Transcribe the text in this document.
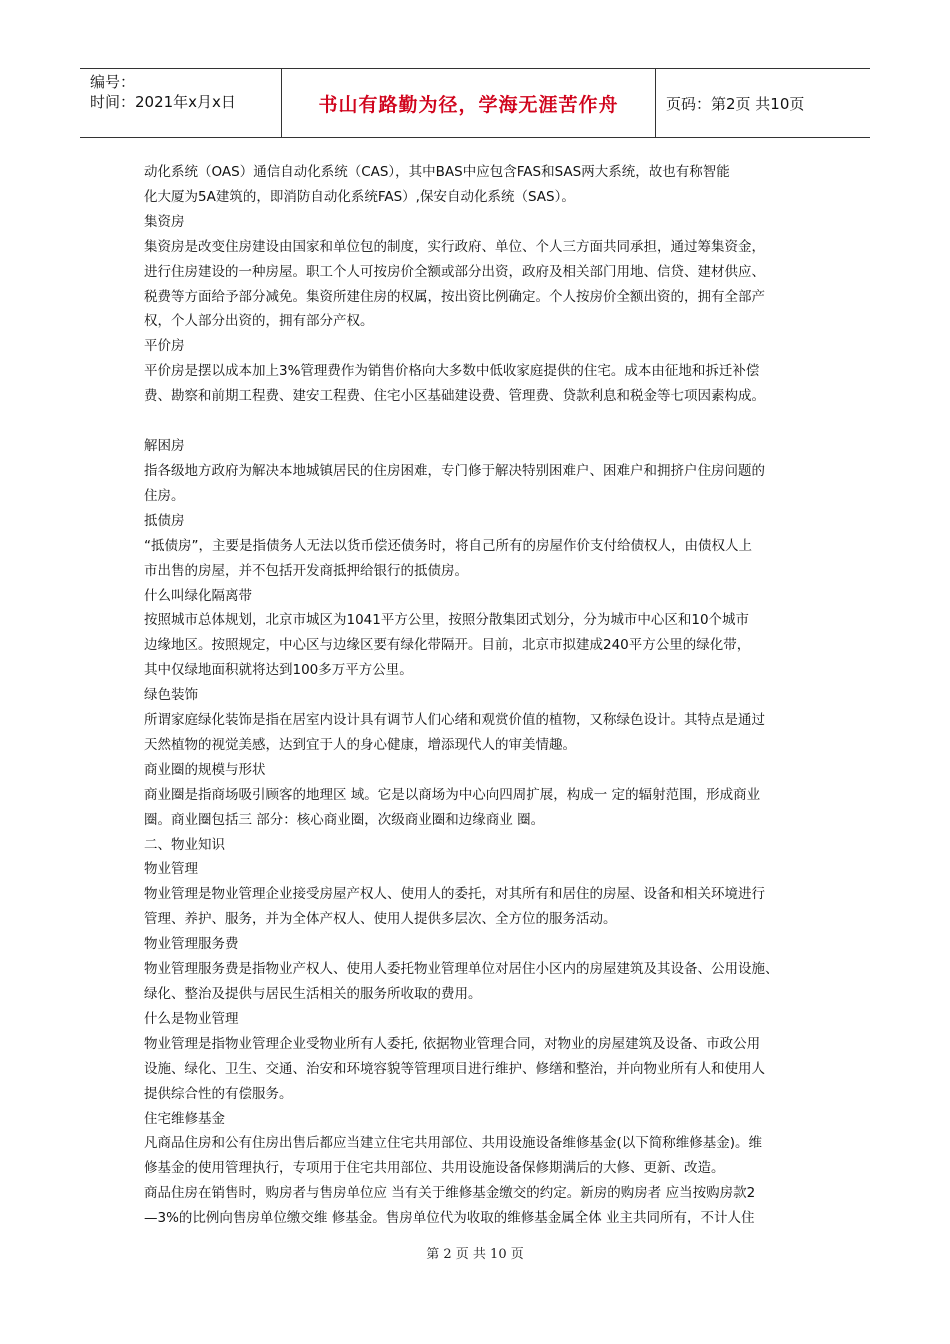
编号：
时间：2021年x月x日	书山有路勤为径，学海无涯苦作舟	页码：第2页 共10页

动化系统（OAS）通信自动化系统（CAS），其中BAS中应包含FAS和SAS两大系统，故也有称智能

化大厦为5A建筑的，即消防自动化系统FAS）,保安自动化系统（SAS）。

集资房

集资房是改变住房建设由国家和单位包的制度，实行政府、单位、个人三方面共同承担，通过筹集资金，

进行住房建设的一种房屋。职工个人可按房价全额或部分出资，政府及相关部门用地、信贷、建材供应、

税费等方面给予部分减免。集资所建住房的权属，按出资比例确定。个人按房价全额出资的，拥有全部产

权，个人部分出资的，拥有部分产权。

平价房

平价房是摆以成本加上3%管理费作为销售价格向大多数中低收家庭提供的住宅。成本由征地和拆迁补偿

费、勘察和前期工程费、建安工程费、住宅小区基础建设费、管理费、贷款利息和税金等七项因素构成。

解困房

指各级地方政府为解决本地城镇居民的住房困难，专门修于解决特别困难户、困难户和拥挤户住房问题的

住房。

抵债房

“抵债房”，主要是指债务人无法以货币偿还债务时，将自己所有的房屋作价支付给债权人，由债权人上

市出售的房屋，并不包括开发商抵押给银行的抵债房。

什么叫绿化隔离带

按照城市总体规划，北京市城区为1041平方公里，按照分散集团式划分，分为城市中心区和10个城市

边缘地区。按照规定，中心区与边缘区要有绿化带隔开。目前，北京市拟建成240平方公里的绿化带，

其中仅绿地面积就将达到100多万平方公里。

绿色装饰

所谓家庭绿化装饰是指在居室内设计具有调节人们心绪和观赏价值的植物，又称绿色设计。其特点是通过

天然植物的视觉美感，达到宜于人的身心健康，增添现代人的审美情趣。

商业圈的规模与形状

商业圈是指商场吸引顾客的地理区 域。它是以商场为中心向四周扩展，构成一 定的辐射范围，形成商业

圈。商业圈包括三 部分：核心商业圈，次级商业圈和边缘商业 圈。

二、物业知识

物业管理

物业管理是物业管理企业接受房屋产权人、使用人的委托，对其所有和居住的房屋、设备和相关环境进行

管理、养护、服务，并为全体产权人、使用人提供多层次、全方位的服务活动。

物业管理服务费

物业管理服务费是指物业产权人、使用人委托物业管理单位对居住小区内的房屋建筑及其设备、公用设施、

绿化、整治及提供与居民生活相关的服务所收取的费用。

什么是物业管理

物业管理是指物业管理企业受物业所有人委托, 依据物业管理合同，对物业的房屋建筑及设备、市政公用

设施、绿化、卫生、交通、治安和环境容貌等管理项目进行维护、修缮和整治，并向物业所有人和使用人

提供综合性的有偿服务。

住宅维修基金

凡商品住房和公有住房出售后都应当建立住宅共用部位、共用设施设备维修基金(以下简称维修基金)。维

修基金的使用管理执行，专项用于住宅共用部位、共用设施设备保修期满后的大修、更新、改造。

商品住房在销售时，购房者与售房单位应 当有关于维修基金缴交的约定。新房的购房者 应当按购房款2

—3%的比例向售房单位缴交维 修基金。售房单位代为收取的维修基金属全体 业主共同所有，不计人住

第 2 页 共 10 页
